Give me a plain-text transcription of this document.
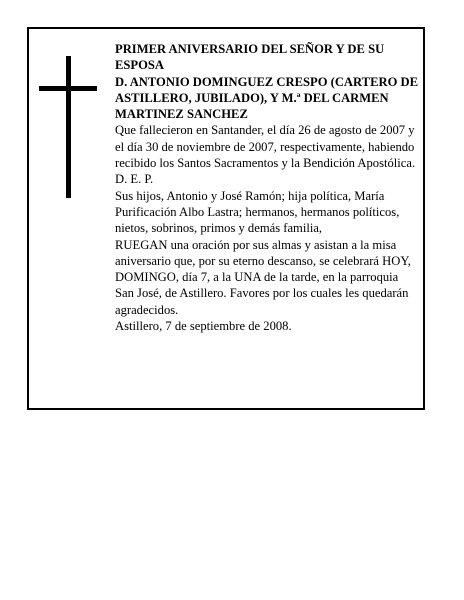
PRIMER ANIVERSARIO DEL SEÑOR Y DE SU ESPOSA

D. ANTONIO DOMINGUEZ CRESPO (CARTERO DE ASTILLERO, JUBILADO), Y M.ª DEL CARMEN MARTINEZ SANCHEZ

Que fallecieron en Santander, el día 26 de agosto de 2007 y el día 30 de noviembre de 2007, respectivamente, habiendo recibido los Santos Sacramentos y la Bendición Apostólica.

D. E. P.

Sus hijos, Antonio y José Ramón; hija política, María Purificación Albo Lastra; hermanos, hermanos políticos, nietos, sobrinos, primos y demás familia,

RUEGAN una oración por sus almas y asistan a la misa aniversario que, por su eterno descanso, se celebrará HOY, DOMINGO, día 7, a la UNA de la tarde, en la parroquia San José, de Astillero. Favores por los cuales les quedarán agradecidos.

Astillero, 7 de septiembre de 2008.
